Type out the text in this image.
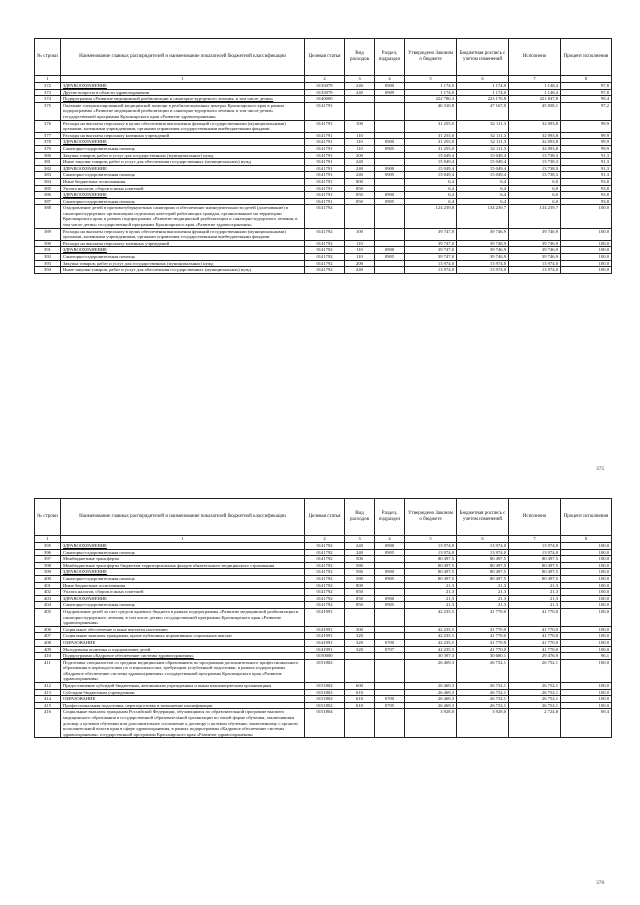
№ строки	Наименование главных распорядителей и наименование показателей бюджетной классификации	Целевая статья	Вид расходов	Раздел, подраздел	Утверждено Законом о бюджете	Бюджетная роспись с учетом изменений	Исполнено	Процент исполнения
1	1	2	3	4	5	6	7	8
372	ЗДРАВООХРАНЕНИЕ	0135079	240	0900	1 174,0	1 174,0	1 148,4	97,8
373	Другие вопросы в области здравоохранения	0135079	240	0909	1 174,0	1 174,0	1 148,4	97,8
374	Подпрограмма «Развитие медицинской реабилитации и санаторно-курортного лечения, в том числе детям»	0140000			222 786,3	223 176,8	221 847,8	99,4
375	Оказание специализированной медицинской помощи в реабилитационных центрах Красноярского края в рамках подпрограммы «Развитие медицинской реабилитации и санаторно-курортного лечения, в том числе детям» государственной программы Красноярского края «Развитие здравоохранения»	0141791			46 310,8	47 167,0	45 838,1	97,2
376	Расходы на выплаты персоналу в целях обеспечения выполнения функций государственными (муниципальными) органами, казенными учреждениями, органами управления государственными внебюджетными фондами	0141791	100		31 255,0	32 111,3	32 093,8	99,9
377	Расходы на выплаты персоналу казенных учреждений	0141791	110		31 255,0	32 111,3	32 093,8	99,9
378	ЗДРАВООХРАНЕНИЕ	0141791	110	0900	31 255,0	32 111,3	32 093,8	99,9
379	Санаторно-оздоровительная помощь	0141791	110	0905	31 255,0	32 111,3	32 093,8	99,9
380	Закупка товаров, работ и услуг для государственных (муниципальных) нужд	0141791	200		15 049,4	15 049,4	13 738,3	91,3
381	Иные закупки товаров, работ и услуг для обеспечения государственных (муниципальных) нужд	0141791	240		15 049,4	15 049,4	13 738,3	91,3
382	ЗДРАВООХРАНЕНИЕ	0141791	240	0900	15 049,4	15 049,4	13 738,3	91,3
383	Санаторно-оздоровительная помощь	0141791	240	0905	15 049,4	15 049,4	13 738,3	91,3
384	Иные бюджетные ассигнования	0141791	800		6,4	6,4	6,0	93,8
385	Уплата налогов, сборов и иных платежей	0141791	850		6,4	6,4	6,0	93,8
386	ЗДРАВООХРАНЕНИЕ	0141791	850	0900	6,4	6,4	6,0	93,8
387	Санаторно-оздоровительная помощь	0141791	850	0905	6,4	6,4	6,0	93,8
388	Оздоровление детей в противотуберкулезных санаториях и обеспечение жизнедеятельности детей (долечивание) в санаторно-курортных организациях отдельных категорий работающих граждан, организованное на территории Красноярского края, в рамках подпрограммы «Развитие медицинской реабилитации и санаторно-курортного лечения, в том числе детям» государственной программы Красноярского края «Развитие здравоохранения»	0141792			124 239,8	134 239,7	134 239,7	100,0
389	Расходы на выплаты персоналу в целях обеспечения выполнения функций государственными (муниципальными) органами, казенными учреждениями, органами управления государственными внебюджетными фондами	0141792	100		39 747,0	39 746,9	39 746,9	100,0
390	Расходы на выплаты персоналу казенных учреждений	0141792	110		39 747,0	39 746,9	39 746,9	100,0
391	ЗДРАВООХРАНЕНИЕ	0141792	110	0900	39 747,0	39 746,9	39 746,9	100,0
392	Санаторно-оздоровительная помощь	0141792	110	0905	39 747,0	39 746,9	39 746,9	100,0
393	Закупка товаров, работ и услуг для государственных (муниципальных) нужд	0141792	200		13 974,0	13 974,0	13 974,0	100,0
394	Иные закупки товаров, работ и услуг для обеспечения государственных (муниципальных) нужд	0141792	240		13 974,0	13 974,0	13 974,0	100,0
375
№ строки	Наименование главных распорядителей и наименование показателей бюджетной классификации	Целевая статья	Вид расходов	Раздел, подраздел	Утверждено Законом о бюджете	Бюджетная роспись с учетом изменений	Исполнено	Процент исполнения
1	1	2	3	4	5	6	7	8
395	ЗДРАВООХРАНЕНИЕ	0141792	240	0900	13 974,0	13 974,0	13 974,0	100,0
396	Санаторно-оздоровительная помощь	0141792	240	0905	13 974,0	13 974,0	13 974,0	100,0
397	Межбюджетные трансферты	0141792	500		80 497,5	80 497,5	80 497,5	100,0
398	Межбюджетные трансферты бюджетам территориальных фондов обязательного медицинского страхования	0141792	580		80 497,5	80 497,5	80 497,5	100,0
399	ЗДРАВООХРАНЕНИЕ	0141792	580	0900	80 497,5	80 497,5	80 497,5	100,0
400	Санаторно-оздоровительная помощь	0141792	580	0905	80 497,5	80 497,5	80 497,5	100,0
401	Иные бюджетные ассигнования	0141792	800		21,3	21,3	21,3	100,0
402	Уплата налогов, сборов и иных платежей	0141792	850		21,3	21,3	21,3	100,0
403	ЗДРАВООХРАНЕНИЕ	0141792	850	0900	21,3	21,3	21,3	100,0
404	Санаторно-оздоровительная помощь	0141792	850	0905	21,3	21,3	21,3	100,0
405	Оздоровление детей за счет средств краевого бюджета в рамках подпрограммы «Развитие медицинской реабилитации и санаторно-курортного лечения, в том числе детям» государственной программы Красноярского края «Развитие здравоохранения»	0141991			42 235,5	41 770,0	41 770,0	100,0
406	Социальное обеспечение и иные выплаты населению	0141991	300		42 235,5	41 770,0	41 770,0	100,0
407	Социальные выплаты гражданам, кроме публичных нормативных социальных выплат	0141991	320		42 235,5	41 770,0	41 770,0	100,0
408	ОБРАЗОВАНИЕ	0141991	320	0700	42 235,5	41 770,0	41 770,0	100,0
409	Молодежная политика и оздоровление детей	0141991	320	0707	42 235,5	41 770,0	41 770,0	100,0
410	Подпрограмма «Кадровое обеспечение системы здравоохранения»	0150000			30 397,3	30 680,1	29 476,9	96,1
411	Подготовка специалистов со средним медицинским образованием по программам дополнительного профессионального образования в переподготовка по специальностям, требующим углубленной подготовки, в рамках подпрограммы «Кадровое обеспечение системы здравоохранения» государственной программы Красноярского края «Развитие здравоохранения»	0151802			26 469,3	26 752,1	26 752,1	100,0
412	Предоставление субсидий бюджетным, автономным учреждениям и иным некоммерческим организациям	0151802	600		26 469,3	26 752,1	26 752,1	100,0
413	Субсидии бюджетным учреждениям	0151802	610		26 469,3	26 752,1	26 752,1	100,0
414	ОБРАЗОВАНИЕ	0151802	610	0700	26 469,3	26 752,1	26 752,1	100,0
415	Профессиональная подготовка, переподготовка и повышение квалификации	0151802	610	0705	26 469,3	26 752,1	26 752,1	100,0
416	Социальные выплаты гражданам Российской Федерации, обучающимся по образовательной программе высшего медицинского образования в государственной образовательной организации по очной форме обучения, заключившим договор о целевом обучении или дополнительное соглашение к договору о целевом обучении, заключенному с органом исполнительной власти края в сфере здравоохранения, в рамках подпрограммы «Кадровое обеспечение системы здравоохранения» государственной программы Красноярского края «Развитие здравоохранения»	0151804			3 928,0	3 928,0	2 724,8	69,4
376
